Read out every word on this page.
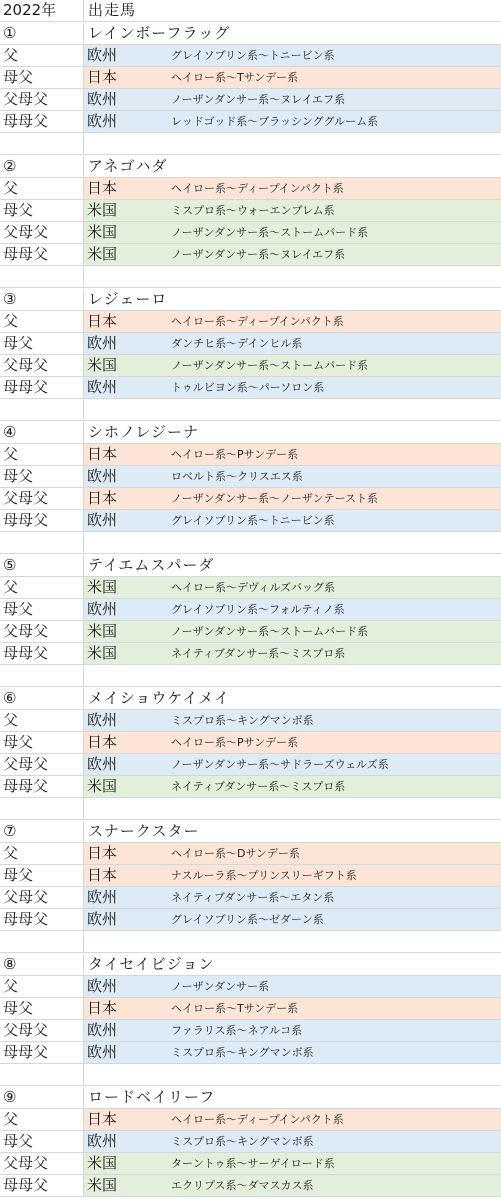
2022年	出走馬
①	レインボーフラッグ
父	欧州	グレイソブリン系～トニービン系
母父	日本	ヘイロー系～Tサンデー系
父母父	欧州	ノーザンダンサー系～ヌレイエフ系
母母父	欧州	レッドゴッド系～ブラッシンググルーム系
②	アネゴハダ
父	日本	ヘイロー系～ディープインパクト系
母父	米国	ミスプロ系～ウォーエンブレム系
父母父	米国	ノーザンダンサー系～ストームバード系
母母父	米国	ノーザンダンサー系～ヌレイエフ系
③	レジェーロ
父	日本	ヘイロー系～ディープインパクト系
母父	欧州	ダンチヒ系～デインヒル系
父母父	米国	ノーザンダンサー系～ストームバード系
母母父	欧州	トゥルビヨン系～パーソロン系
④	シホノレジーナ
父	日本	ヘイロー系～Pサンデー系
母父	欧州	ロベルト系～クリスエス系
父母父	日本	ノーザンダンサー系～ノーザンテースト系
母母父	欧州	グレイソブリン系～トニービン系
⑤	テイエムスパーダ
父	米国	ヘイロー系～デヴィルズバッグ系
母父	欧州	グレイソブリン系～フォルティノ系
父母父	米国	ノーザンダンサー系～ストームバード系
母母父	米国	ネイティブダンサー系～ミスプロ系
⑥	メイショウケイメイ
父	欧州	ミスプロ系～キングマンボ系
母父	日本	ヘイロー系～Pサンデー系
父母父	欧州	ノーザンダンサー系～サドラーズウェルズ系
母母父	米国	ネイティブダンサー系～ミスプロ系
⑦	スナークスター
父	日本	ヘイロー系～Dサンデー系
母父	日本	ナスルーラ系～プリンスリーギフト系
父母父	欧州	ネイティブダンサー系～エタン系
母母父	欧州	グレイソブリン系～ゼダーン系
⑧	タイセイビジョン
父	欧州	ノーザンダンサー系
母父	日本	ヘイロー系～Tサンデー系
父母父	欧州	ファラリス系～ネアルコ系
母母父	欧州	ミスプロ系～キングマンボ系
⑨	ロードベイリーフ
父	日本	ヘイロー系～ディープインパクト系
母父	欧州	ミスプロ系～キングマンボ系
父母父	米国	ターントゥ系～サーゲイロード系
母母父	米国	エクリプス系～ダマスカス系
